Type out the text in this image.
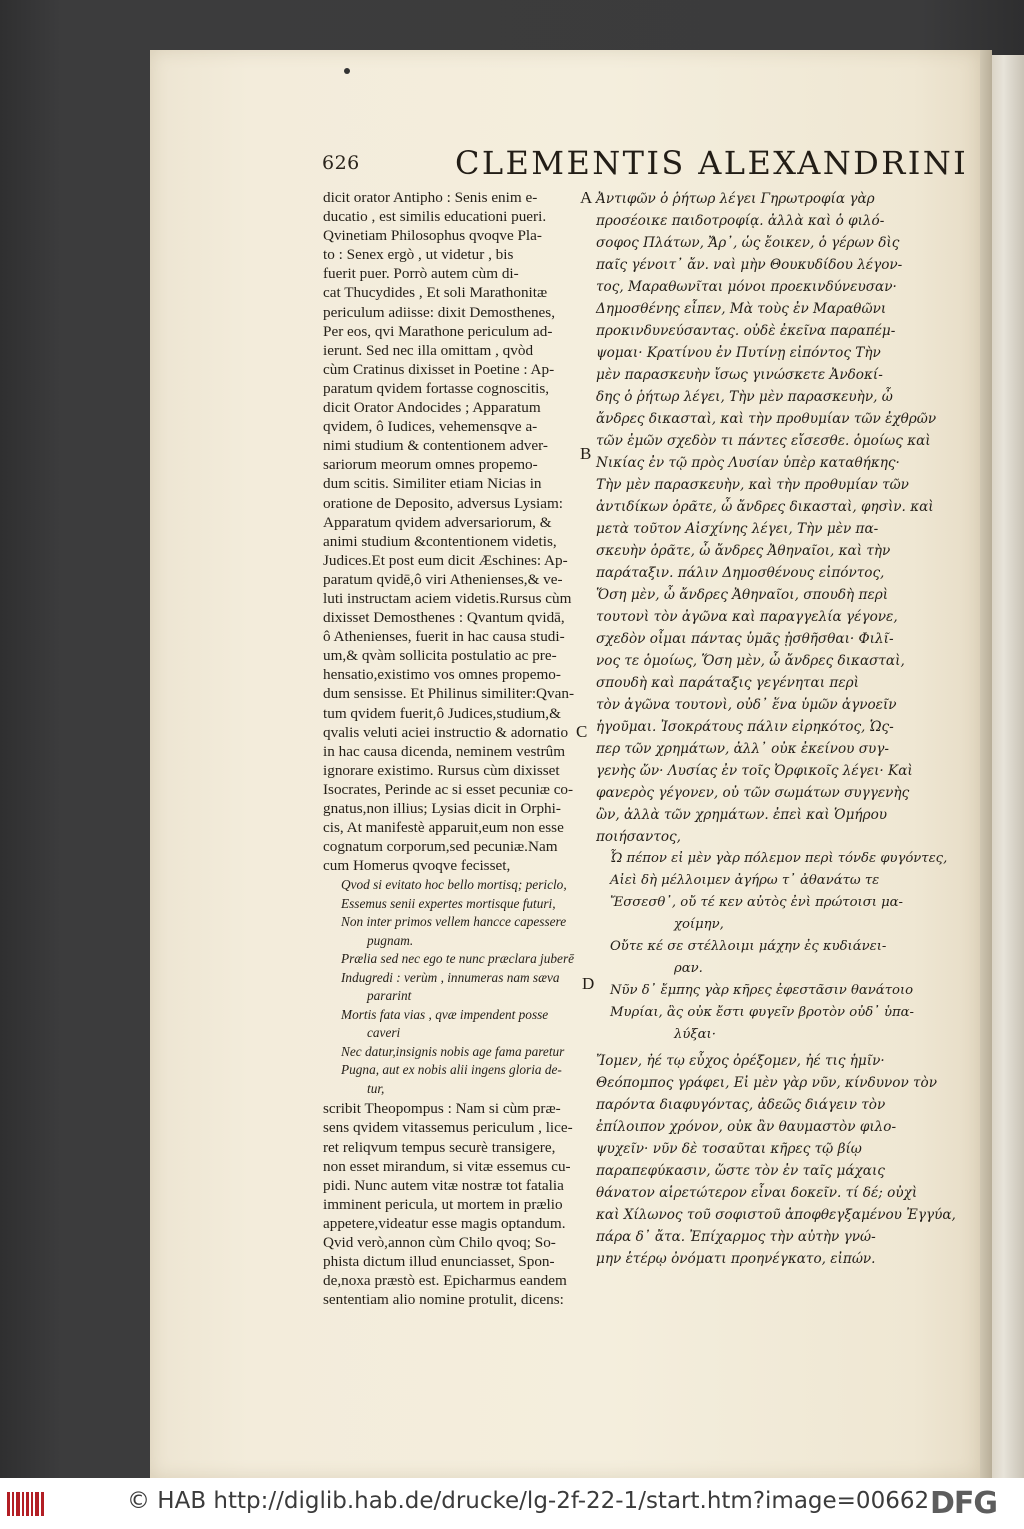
626	CLEMENTIS ALEXANDRINI
A
B
C
D
dicit orator Antipho : Senis enim e-
ducatio , est similis educationi pueri.
Qvinetiam Philosophus qvoqve Pla-
to : Senex ergò , ut videtur , bis
fuerit puer. Porrò autem cùm di-
cat Thucydides , Et soli Marathonitæ
periculum adiisse: dixit Demosthenes,
Per eos, qvi Marathone periculum ad-
ierunt. Sed nec illa omittam , qvòd
cùm Cratinus dixisset in Poetine : Ap-
paratum qvidem fortasse cognoscitis,
dicit Orator Andocides ; Apparatum
qvidem, ô Iudices, vehemensqve a-
nimi studium & contentionem adver-
sariorum meorum omnes propemo-
dum scitis. Similiter etiam Nicias in
oratione de Deposito, adversus Lysiam:
Apparatum qvidem adversariorum, &
animi studium &contentionem videtis,
Judices.Et post eum dicit Æschines: Ap-
paratum qvidē,ô viri Athenienses,& ve-
luti instructam aciem videtis.Rursus cùm
dixisset Demosthenes : Qvantum qvidā,
ô Athenienses, fuerit in hac causa studi-
um,& qvàm sollicita postulatio ac pre-
hensatio,existimo vos omnes propemo-
dum sensisse. Et Philinus similiter:Qvan-
tum qvidem fuerit,ô Judices,studium,&
qvalis veluti aciei instructio & adornatio
in hac causa dicenda, neminem vestrûm
ignorare existimo. Rursus cùm dixisset
Isocrates, Perinde ac si esset pecuniæ co-
gnatus,non illius; Lysias dicit in Orphi-
cis, At manifestè apparuit,eum non esse
cognatum corporum,sed pecuniæ.Nam
cum Homerus qvoqve fecisset,
Qvod si evitato hoc bello mortisq; periclo,
Essemus senii expertes mortisque futuri,
Non inter primos vellem hancce capessere
pugnam.
Prælia sed nec ego te nunc præclara juberē
Indugredi : verùm , innumeras nam sæva
pararint
Mortis fata vias , qvæ impendent posse
caveri
Nec datur,insignis nobis age fama paretur
Pugna, aut ex nobis alii ingens gloria de-
tur,
scribit Theopompus : Nam si cùm præ-
sens qvidem vitassemus periculum , lice-
ret reliqvum tempus securè transigere,
non esset mirandum, si vitæ essemus cu-
pidi. Nunc autem vitæ nostræ tot fatalia
imminent pericula, ut mortem in prælio
appetere,videatur esse magis optandum.
Qvid verò,annon cùm Chilo qvoq; So-
phista dictum illud enunciasset, Spon-
de,noxa præstò est. Epicharmus eandem
sententiam alio nomine protulit, dicens:
Ἀντιφῶν ὁ ῥήτωρ λέγει Γηρωτροφία γὰρ
προσέοικε παιδοτροφίᾳ. ἀλλὰ καὶ ὁ φιλό-
σοφος Πλάτων, Ἄρ᾽, ὡς ἔοικεν, ὁ γέρων δὶς
παῖς γένοιτ᾽ ἄν. ναὶ μὴν Θουκυδίδου λέγον-
τος, Μαραθωνῖται μόνοι προεκινδύνευσαν·
Δημοσθένης εἶπεν, Μὰ τοὺς ἐν Μαραθῶνι
προκινδυνεύσαντας. οὐδὲ ἐκεῖνα παραπέμ-
ψομαι· Κρατίνου ἐν Πυτίνῃ εἰπόντος Τὴν
μὲν παρασκευὴν ἴσως γινώσκετε Ἀνδοκί-
δης ὁ ῥήτωρ λέγει, Τὴν μὲν παρασκευὴν, ὦ
ἄνδρες δικασταὶ, καὶ τὴν προθυμίαν τῶν ἐχθρῶν
τῶν ἐμῶν σχεδὸν τι πάντες εἴσεσθε. ὁμοίως καὶ
Νικίας ἐν τῷ πρὸς Λυσίαν ὑπὲρ καταθήκης·
Τὴν μὲν παρασκευὴν, καὶ τὴν προθυμίαν τῶν
ἀντιδίκων ὁρᾶτε, ὦ ἄνδρες δικασταὶ, φησὶν. καὶ
μετὰ τοῦτον Αἰσχίνης λέγει, Τὴν μὲν πα-
σκευὴν ὁρᾶτε, ὦ ἄνδρες Ἀθηναῖοι, καὶ τὴν
παράταξιν. πάλιν Δημοσθένους εἰπόντος,
Ὅση μὲν, ὦ ἄνδρες Ἀθηναῖοι, σπουδὴ περὶ
τουτονὶ τὸν ἀγῶνα καὶ παραγγελία γέγονε,
σχεδὸν οἶμαι πάντας ὑμᾶς ᾐσθῆσθαι· Φιλῖ-
νος τε ὁμοίως, Ὅση μὲν, ὦ ἄνδρες δικασταὶ,
σπουδὴ καὶ παράταξις γεγένηται περὶ
τὸν ἀγῶνα τουτονὶ, οὐδ᾽ ἕνα ὑμῶν ἀγνοεῖν
ἡγοῦμαι. Ἰσοκράτους πάλιν εἰρηκότος, Ὡς-
περ τῶν χρημάτων, ἀλλ᾽ οὐκ ἐκείνου συγ-
γενὴς ὤν· Λυσίας ἐν τοῖς Ὀρφικοῖς λέγει· Καὶ
φανερὸς γέγονεν, οὐ τῶν σωμάτων συγγενὴς
ὢν, ἀλλὰ τῶν χρημάτων. ἐπεὶ καὶ Ὁμήρου
ποιήσαντος,
Ὦ πέπον εἰ μὲν γὰρ πόλεμον περὶ τόνδε φυγόντες,
Αἰεὶ δὴ μέλλοιμεν ἀγήρω τ᾽ ἀθανάτω τε
Ἔσσεσθ᾽, οὔ τέ κεν αὐτὸς ἐνὶ πρώτοισι μα-
χοίμην,
Οὔτε κέ σε στέλλοιμι μάχην ἐς κυδιάνει-
ραν.
Νῦν δ᾽ ἔμπης γὰρ κῆρες ἐφεστᾶσιν θανάτοιο
Μυρίαι, ἃς οὐκ ἔστι φυγεῖν βροτὸν οὐδ᾽ ὑπα-
λύξαι·
Ἴομεν, ἠέ τῳ εὖχος ὀρέξομεν, ἠέ τις ἡμῖν·
Θεόπομπος γράφει, Εἰ μὲν γὰρ νῦν, κίνδυνον τὸν
παρόντα διαφυγόντας, ἀδεῶς διάγειν τὸν
ἐπίλοιπον χρόνον, οὐκ ἂν θαυμαστὸν φιλο-
ψυχεῖν· νῦν δὲ τοσαῦται κῆρες τῷ βίῳ
παραπεφύκασιν, ὥστε τὸν ἐν ταῖς μάχαις
θάνατον αἱρετώτερον εἶναι δοκεῖν. τί δέ; οὐχὶ
καὶ Χίλωνος τοῦ σοφιστοῦ ἀποφθεγξαμένου Ἐγγύα,
πάρα δ᾽ ἄτα. Ἐπίχαρμος τὴν αὐτὴν γνώ-
μην ἑτέρῳ ὀνόματι προηνέγκατο, εἰπών.
© HAB http://diglib.hab.de/drucke/lg-2f-22-1/start.htm?image=00662 DFG
